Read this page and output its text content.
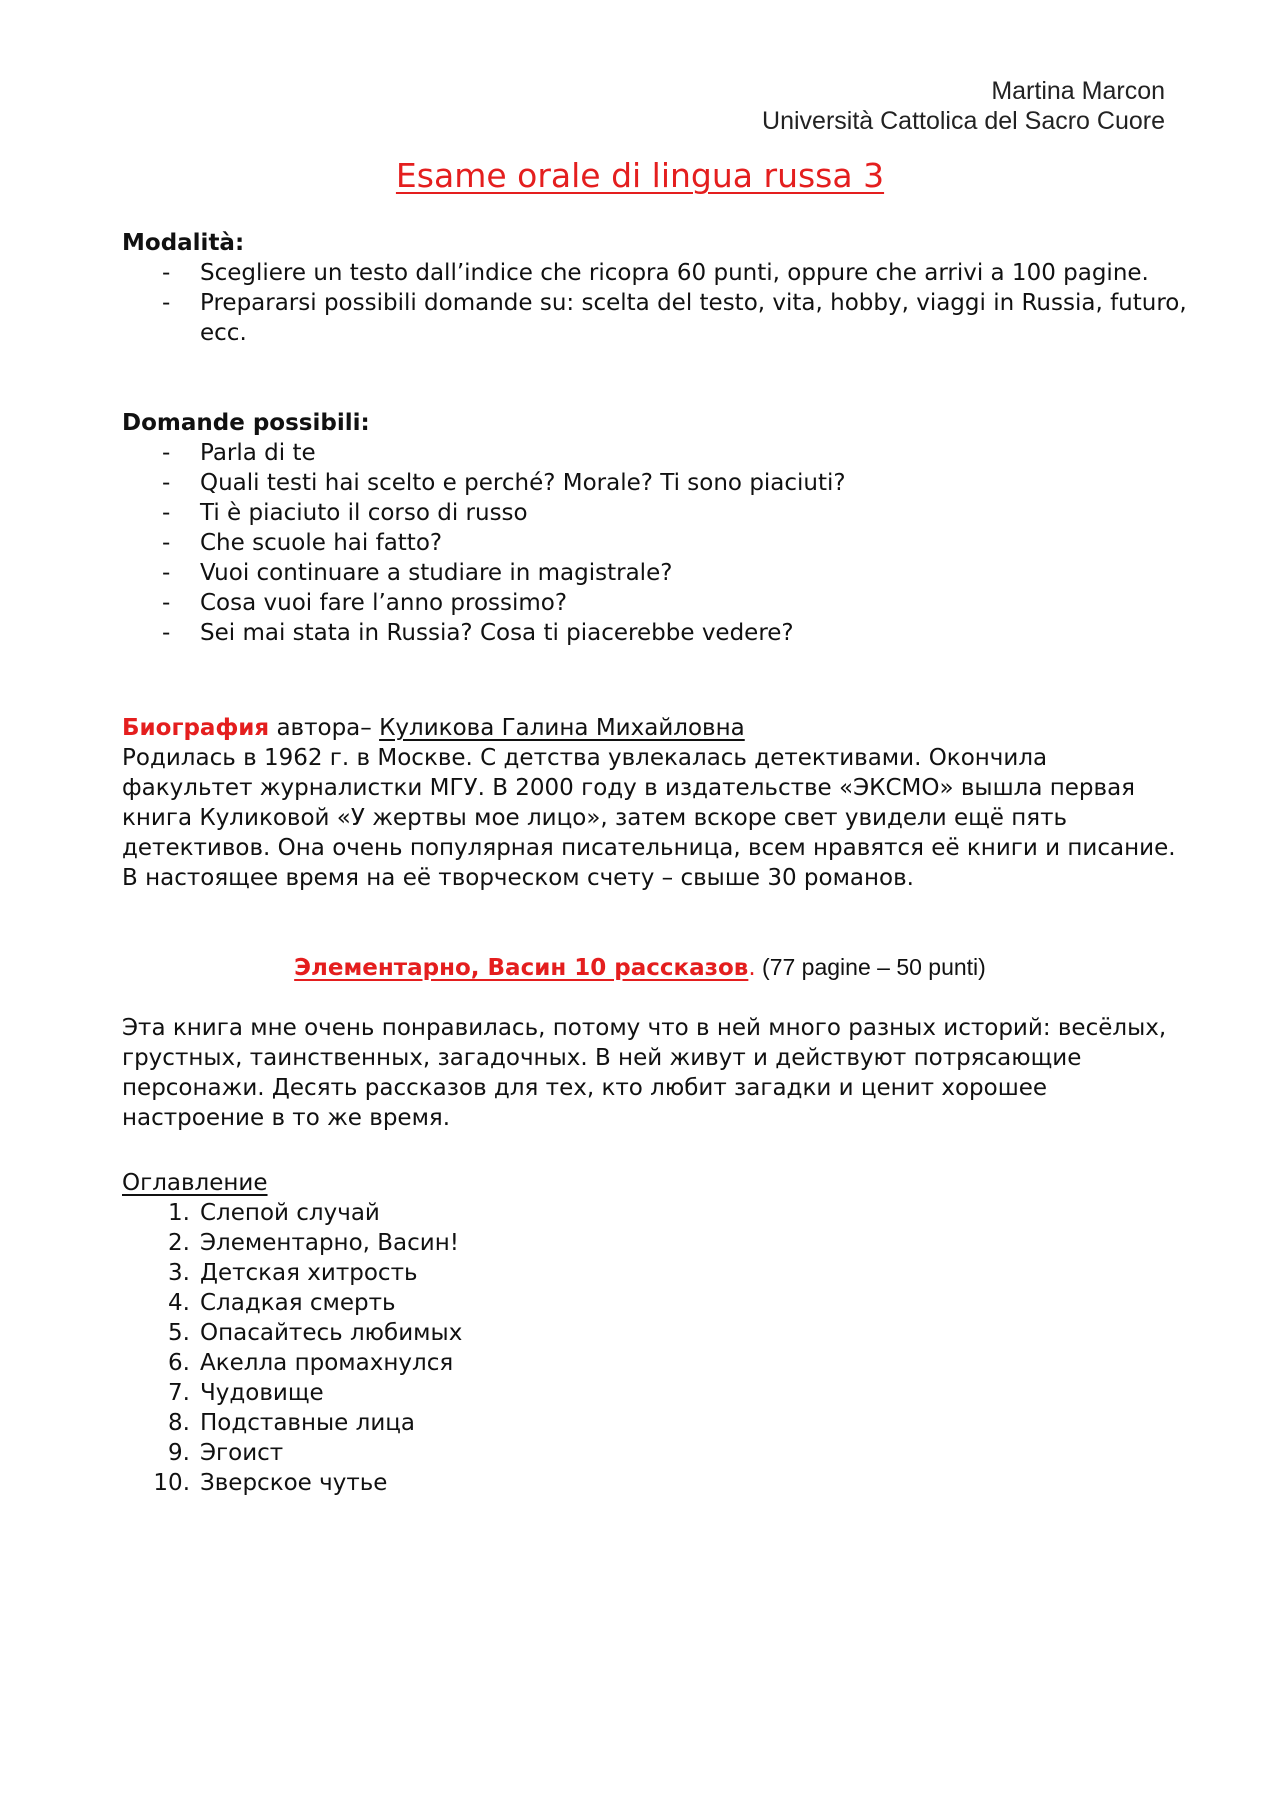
Martina Marcon
Università Cattolica del Sacro Cuore
Esame orale di lingua russa 3
Modalità:
- Scegliere un testo dall’indice che ricopra 60 punti, oppure che arrivi a 100 pagine.
- Prepararsi possibili domande su: scelta del testo, vita, hobby, viaggi in Russia, futuro, ecc.
Domande possibili:
- Parla di te
- Quali testi hai scelto e perché? Morale? Ti sono piaciuti?
- Ti è piaciuto il corso di russo
- Che scuole hai fatto?
- Vuoi continuare a studiare in magistrale?
- Cosa vuoi fare l’anno prossimo?
- Sei mai stata in Russia? Cosa ti piacerebbe vedere?
Биография автора– Куликова Галина Михайловна
Родилась в 1962 г. в Москве. С детства увлекалась детективами. Окончила факультет журналистки МГУ. В 2000 году в издательстве «ЭКСМО» вышла первая книга Куликовой «У жертвы мое лицо», затем вскоре свет увидели ещё пять детективов. Она очень популярная писательница, всем нравятся её книги и писание. В настоящее время на её творческом счету – свыше 30 романов.
Элементарно, Васин 10 рассказов. (77 pagine – 50 punti)
Эта книга мне очень понравилась, потому что в ней много разных историй: весёлых, грустных, таинственных, загадочных. В ней живут и действуют потрясающие персонажи. Десять рассказов для тех, кто любит загадки и ценит хорошее настроение в то же время.
Оглавление
1. Слепой случай
2. Элементарно, Васин!
3. Детская хитрость
4. Сладкая смерть
5. Опасайтесь любимых
6. Акелла промахнулся
7. Чудовище
8. Подставные лица
9. Эгоист
10. Зверское чутье
